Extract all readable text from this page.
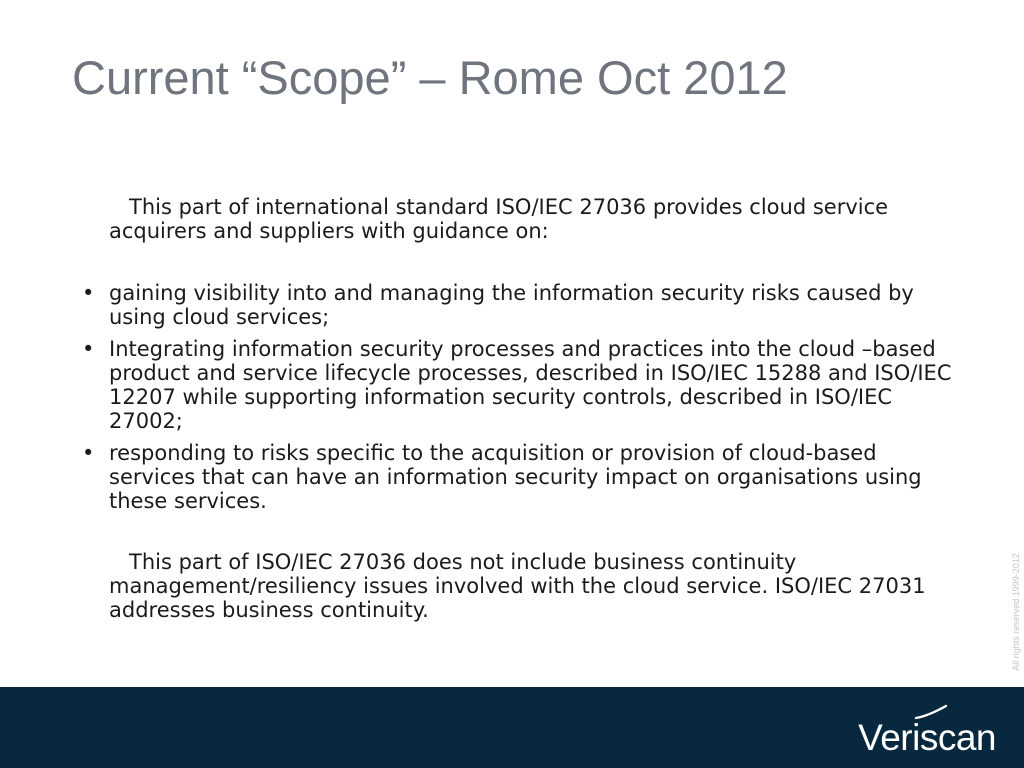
Current “Scope” – Rome Oct 2012

This part of international standard ISO/IEC 27036 provides cloud service acquirers and suppliers with guidance on:

• gaining visibility into and managing the information security risks caused by using cloud services;
• Integrating information security processes and practices into the cloud –based product and service lifecycle processes, described in ISO/IEC 15288 and ISO/IEC 12207 while supporting information security controls, described in ISO/IEC 27002;
• responding to risks specific to the acquisition or provision of cloud-based services that can have an information security impact on organisations using these services.

This part of ISO/IEC 27036 does not include business continuity management/resiliency issues involved with the cloud service. ISO/IEC 27031 addresses business continuity.	All rights reserved 1999-2012
Veriscan
